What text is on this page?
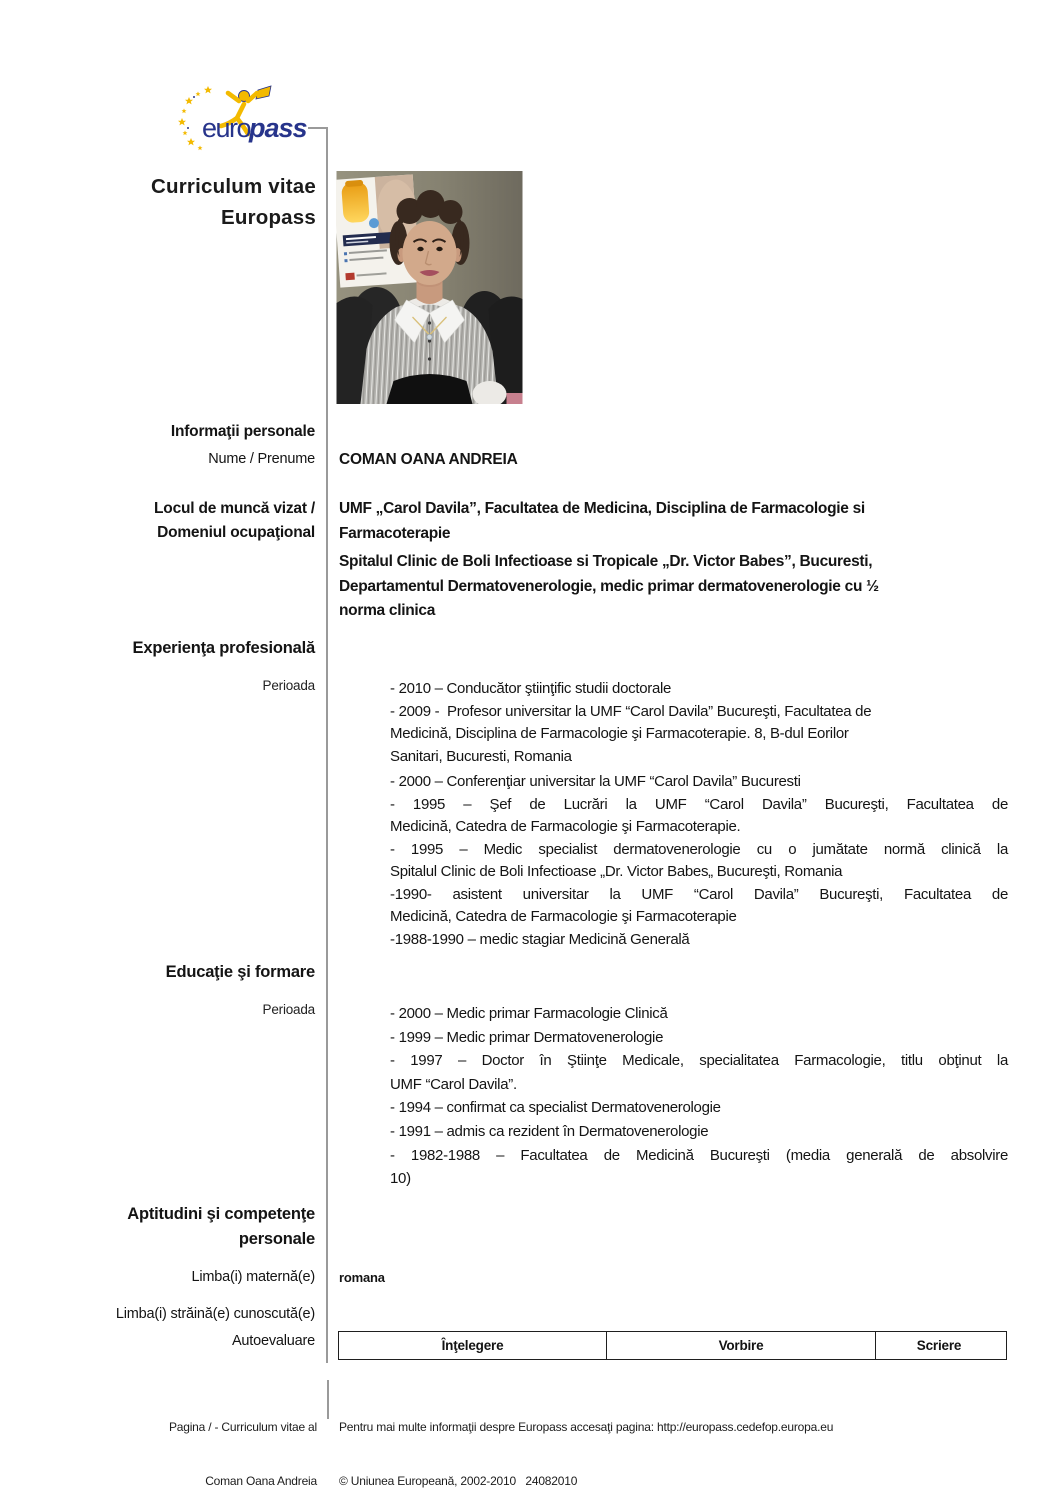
euro
pass
Curriculum vitae
Europass
Informaţii personale
Nume / Prenume
Locul de muncă vizat /
Domeniul ocupaţional
Experienţa profesională
Perioada
Educaţie şi formare
Perioada
Aptitudini şi competenţe
personale
Limba(i) maternă(e)
Limba(i) străină(e) cunoscută(e)
Autoevaluare
COMAN OANA ANDREIA
UMF „Carol Davila”, Facultatea de Medicina, Disciplina de Farmacologie si
Farmacoterapie
Spitalul Clinic de Boli Infectioase si Tropicale „Dr. Victor Babes”, Bucuresti,
Departamentul Dermatovenerologie, medic primar dermatovenerologie cu ½
norma clinica
- 2010 – Conducător ştiinţific studii doctorale
- 2009 -  Profesor universitar la UMF “Carol Davila” Bucureşti, Facultatea de
Medicină, Disciplina de Farmacologie şi Farmacoterapie. 8, B-dul Eorilor
Sanitari, Bucuresti, Romania
- 2000 – Conferenţiar universitar la UMF “Carol Davila” Bucuresti
- 1995 – Şef de Lucrări la UMF “Carol Davila” Bucureşti, Facultatea de
Medicină, Catedra de Farmacologie şi Farmacoterapie.
- 1995 – Medic specialist dermatovenerologie cu o jumătate normă clinică la
Spitalul Clinic de Boli Infectioase „Dr. Victor Babes„ Bucureşti, Romania
-1990- asistent universitar la UMF “Carol Davila” Bucureşti, Facultatea de
Medicină, Catedra de Farmacologie şi Farmacoterapie
-1988-1990 – medic stagiar Medicină Generală
- 2000 – Medic primar Farmacologie Clinică
- 1999 – Medic primar Dermatovenerologie
- 1997 – Doctor în Ştiinţe Medicale, specialitatea Farmacologie, titlu obţinut la
UMF “Carol Davila”.
- 1994 – confirmat ca specialist Dermatovenerologie
- 1991 – admis ca rezident în Dermatovenerologie
- 1982-1988 – Facultatea de Medicină Bucureşti (media generală de absolvire
10)
romana
Înţelegere	Vorbire	Scriere

Pagina / - Curriculum vitae al

Coman Oana Andreia

Pentru mai multe informaţii despre Europass accesaţi pagina: http://europass.cedefop.europa.eu

© Uniunea Europeană, 2002-2010   24082010
